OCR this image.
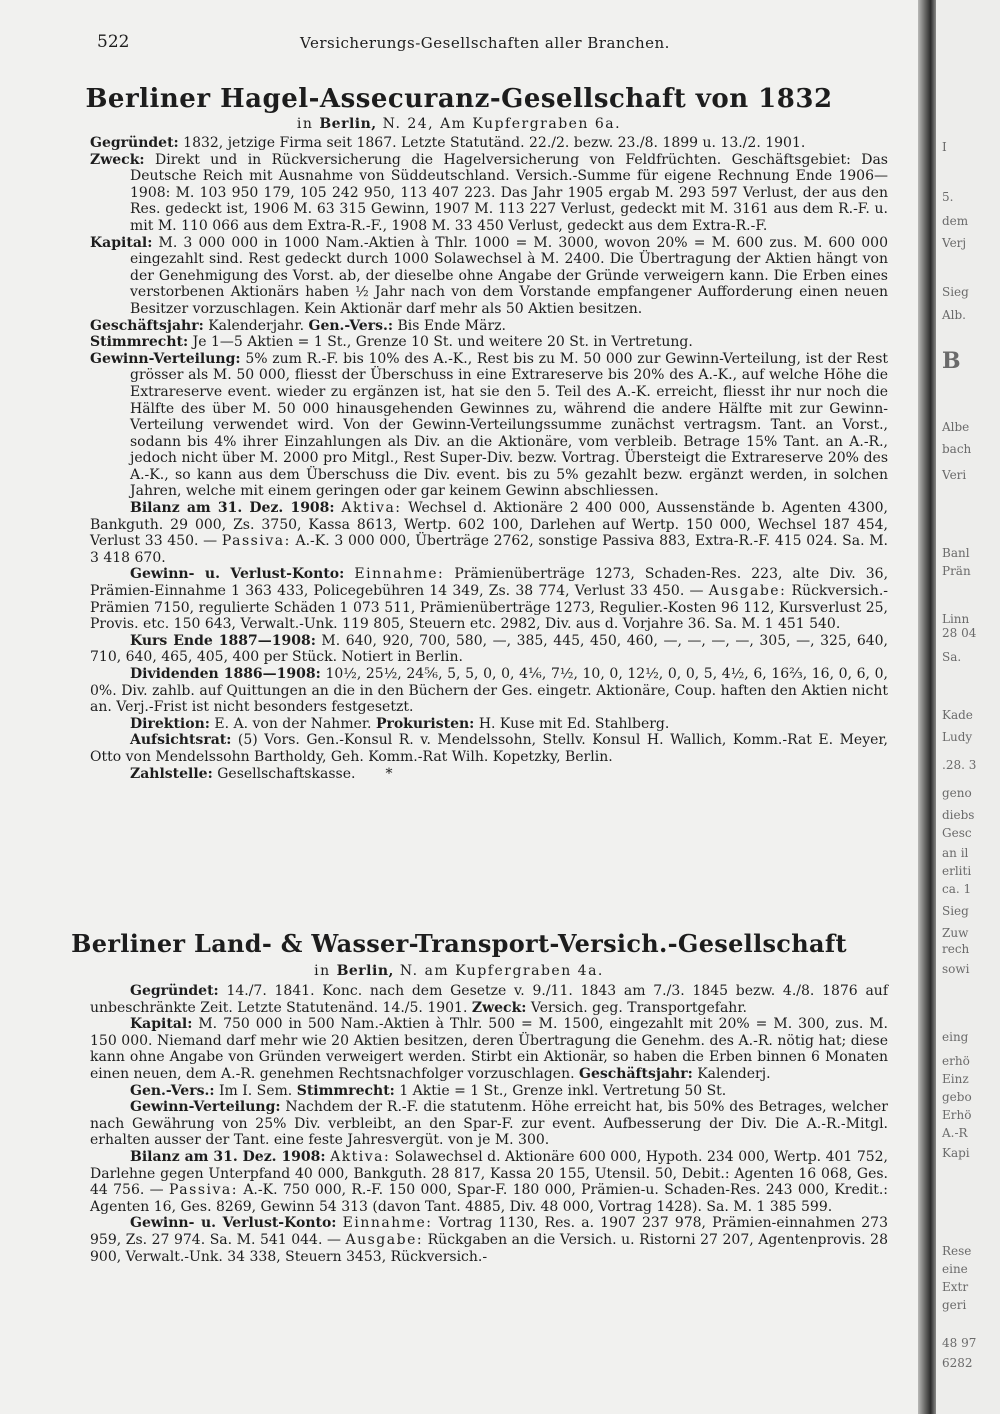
522	Versicherungs-Gesellschaften aller Branchen.
Berliner Hagel-Assecuranz-Gesellschaft von 1832

in Berlin, N. 24, Am Kupfergraben 6a.

Gegründet: 1832, jetzige Firma seit 1867. Letzte Statutänd. 22./2. bezw. 23./8. 1899 u. 13./2. 1901.

Zweck: Direkt und in Rückversicherung die Hagelversicherung von Feldfrüchten. Geschäftsgebiet: Das Deutsche Reich mit Ausnahme von Süddeutschland. Versich.-Summe für eigene Rechnung Ende 1906—1908: M. 103 950 179, 105 242 950, 113 407 223. Das Jahr 1905 ergab M. 293 597 Verlust, der aus den Res. gedeckt ist, 1906 M. 63 315 Gewinn, 1907 M. 113 227 Verlust, gedeckt mit M. 3161 aus dem R.-F. u. mit M. 110 066 aus dem Extra-R.-F., 1908 M. 33 450 Verlust, gedeckt aus dem Extra-R.-F.

Kapital: M. 3 000 000 in 1000 Nam.-Aktien à Thlr. 1000 = M. 3000, wovon 20% = M. 600 zus. M. 600 000 eingezahlt sind. Rest gedeckt durch 1000 Solawechsel à M. 2400. Die Übertragung der Aktien hängt von der Genehmigung des Vorst. ab, der dieselbe ohne Angabe der Gründe verweigern kann. Die Erben eines verstorbenen Aktionärs haben ½ Jahr nach von dem Vorstande empfangener Aufforderung einen neuen Besitzer vorzuschlagen. Kein Aktionär darf mehr als 50 Aktien besitzen.

Geschäftsjahr: Kalenderjahr. Gen.-Vers.: Bis Ende März.

Stimmrecht: Je 1—5 Aktien = 1 St., Grenze 10 St. und weitere 20 St. in Vertretung.

Gewinn-Verteilung: 5% zum R.-F. bis 10% des A.-K., Rest bis zu M. 50 000 zur Gewinn-Verteilung, ist der Rest grösser als M. 50 000, fliesst der Überschuss in eine Extrareserve bis 20% des A.-K., auf welche Höhe die Extrareserve event. wieder zu ergänzen ist, hat sie den 5. Teil des A.-K. erreicht, fliesst ihr nur noch die Hälfte des über M. 50 000 hinausgehenden Gewinnes zu, während die andere Hälfte mit zur Gewinn-Verteilung verwendet wird. Von der Gewinn-Verteilungssumme zunächst vertragsm. Tant. an Vorst., sodann bis 4% ihrer Einzahlungen als Div. an die Aktionäre, vom verbleib. Betrage 15% Tant. an A.-R., jedoch nicht über M. 2000 pro Mitgl., Rest Super-Div. bezw. Vortrag. Übersteigt die Extrareserve 20% des A.-K., so kann aus dem Überschuss die Div. event. bis zu 5% gezahlt bezw. ergänzt werden, in solchen Jahren, welche mit einem geringen oder gar keinem Gewinn abschliessen.

Bilanz am 31. Dez. 1908: Aktiva: Wechsel d. Aktionäre 2 400 000, Aussenstände b. Agenten 4300, Bankguth. 29 000, Zs. 3750, Kassa 8613, Wertp. 602 100, Darlehen auf Wertp. 150 000, Wechsel 187 454, Verlust 33 450. — Passiva: A.-K. 3 000 000, Überträge 2762, sonstige Passiva 883, Extra-R.-F. 415 024. Sa. M. 3 418 670.

Gewinn- u. Verlust-Konto: Einnahme: Prämienüberträge 1273, Schaden-Res. 223, alte Div. 36, Prämien-Einnahme 1 363 433, Policegebühren 14 349, Zs. 38 774, Verlust 33 450. — Ausgabe: Rückversich.-Prämien 7150, regulierte Schäden 1 073 511, Prämienüberträge 1273, Regulier.-Kosten 96 112, Kursverlust 25, Provis. etc. 150 643, Verwalt.-Unk. 119 805, Steuern etc. 2982, Div. aus d. Vorjahre 36. Sa. M. 1 451 540.

Kurs Ende 1887—1908: M. 640, 920, 700, 580, —, 385, 445, 450, 460, —, —, —, —, 305, —, 325, 640, 710, 640, 465, 405, 400 per Stück. Notiert in Berlin.

Dividenden 1886—1908: 10½, 25½, 24⅚, 5, 5, 0, 0, 4⅙, 7½, 10, 0, 12½, 0, 0, 5, 4½, 6, 16⅔, 16, 0, 6, 0, 0%. Div. zahlb. auf Quittungen an die in den Büchern der Ges. eingetr. Aktionäre, Coup. haften den Aktien nicht an. Verj.-Frist ist nicht besonders festgesetzt.

Direktion: E. A. von der Nahmer. Prokuristen: H. Kuse mit Ed. Stahlberg.

Aufsichtsrat: (5) Vors. Gen.-Konsul R. v. Mendelssohn, Stellv. Konsul H. Wallich, Komm.-Rat E. Meyer, Otto von Mendelssohn Bartholdy, Geh. Komm.-Rat Wilh. Kopetzky, Berlin.

Zahlstelle: Gesellschaftskasse. *

Berliner Land- & Wasser-Transport-Versich.-Gesellschaft

in Berlin, N. am Kupfergraben 4a.

Gegründet: 14./7. 1841. Konc. nach dem Gesetze v. 9./11. 1843 am 7./3. 1845 bezw. 4./8. 1876 auf unbeschränkte Zeit. Letzte Statutenänd. 14./5. 1901. Zweck: Versich. geg. Transportgefahr.

Kapital: M. 750 000 in 500 Nam.-Aktien à Thlr. 500 = M. 1500, eingezahlt mit 20% = M. 300, zus. M. 150 000. Niemand darf mehr wie 20 Aktien besitzen, deren Übertragung die Genehm. des A.-R. nötig hat; diese kann ohne Angabe von Gründen verweigert werden. Stirbt ein Aktionär, so haben die Erben binnen 6 Monaten einen neuen, dem A.-R. genehmen Rechtsnachfolger vorzuschlagen. Geschäftsjahr: Kalenderj.

Gen.-Vers.: Im I. Sem. Stimmrecht: 1 Aktie = 1 St., Grenze inkl. Vertretung 50 St.

Gewinn-Verteilung: Nachdem der R.-F. die statutenm. Höhe erreicht hat, bis 50% des Betrages, welcher nach Gewährung von 25% Div. verbleibt, an den Spar-F. zur event. Aufbesserung der Div. Die A.-R.-Mitgl. erhalten ausser der Tant. eine feste Jahresvergüt. von je M. 300.

Bilanz am 31. Dez. 1908: Aktiva: Solawechsel d. Aktionäre 600 000, Hypoth. 234 000, Wertp. 401 752, Darlehne gegen Unterpfand 40 000, Bankguth. 28 817, Kassa 20 155, Utensil. 50, Debit.: Agenten 16 068, Ges. 44 756. — Passiva: A.-K. 750 000, R.-F. 150 000, Spar-F. 180 000, Prämien-u. Schaden-Res. 243 000, Kredit.: Agenten 16, Ges. 8269, Gewinn 54 313 (davon Tant. 4885, Div. 48 000, Vortrag 1428). Sa. M. 1 385 599.

Gewinn- u. Verlust-Konto: Einnahme: Vortrag 1130, Res. a. 1907 237 978, Prämien-einnahmen 273 959, Zs. 27 974. Sa. M. 541 044. — Ausgabe: Rückgaben an die Versich. u. Ristorni 27 207, Agentenprovis. 28 900, Verwalt.-Unk. 34 338, Steuern 3453, Rückversich.-

I
5.
dem
Verj
Sieg
Alb.
B
Albe
bach
Veri
Banl
Prän
Linn
28 04
Sa.
Kade
Ludy
.28. 3
geno
diebs
Gesc
an il
erliti
ca. 1
Sieg
Zuw
rech
sowi
eing
erhö
Einz
gebo
Erhö
A.-R
Kapi
Rese
eine
Extr
geri
48 97
6282
